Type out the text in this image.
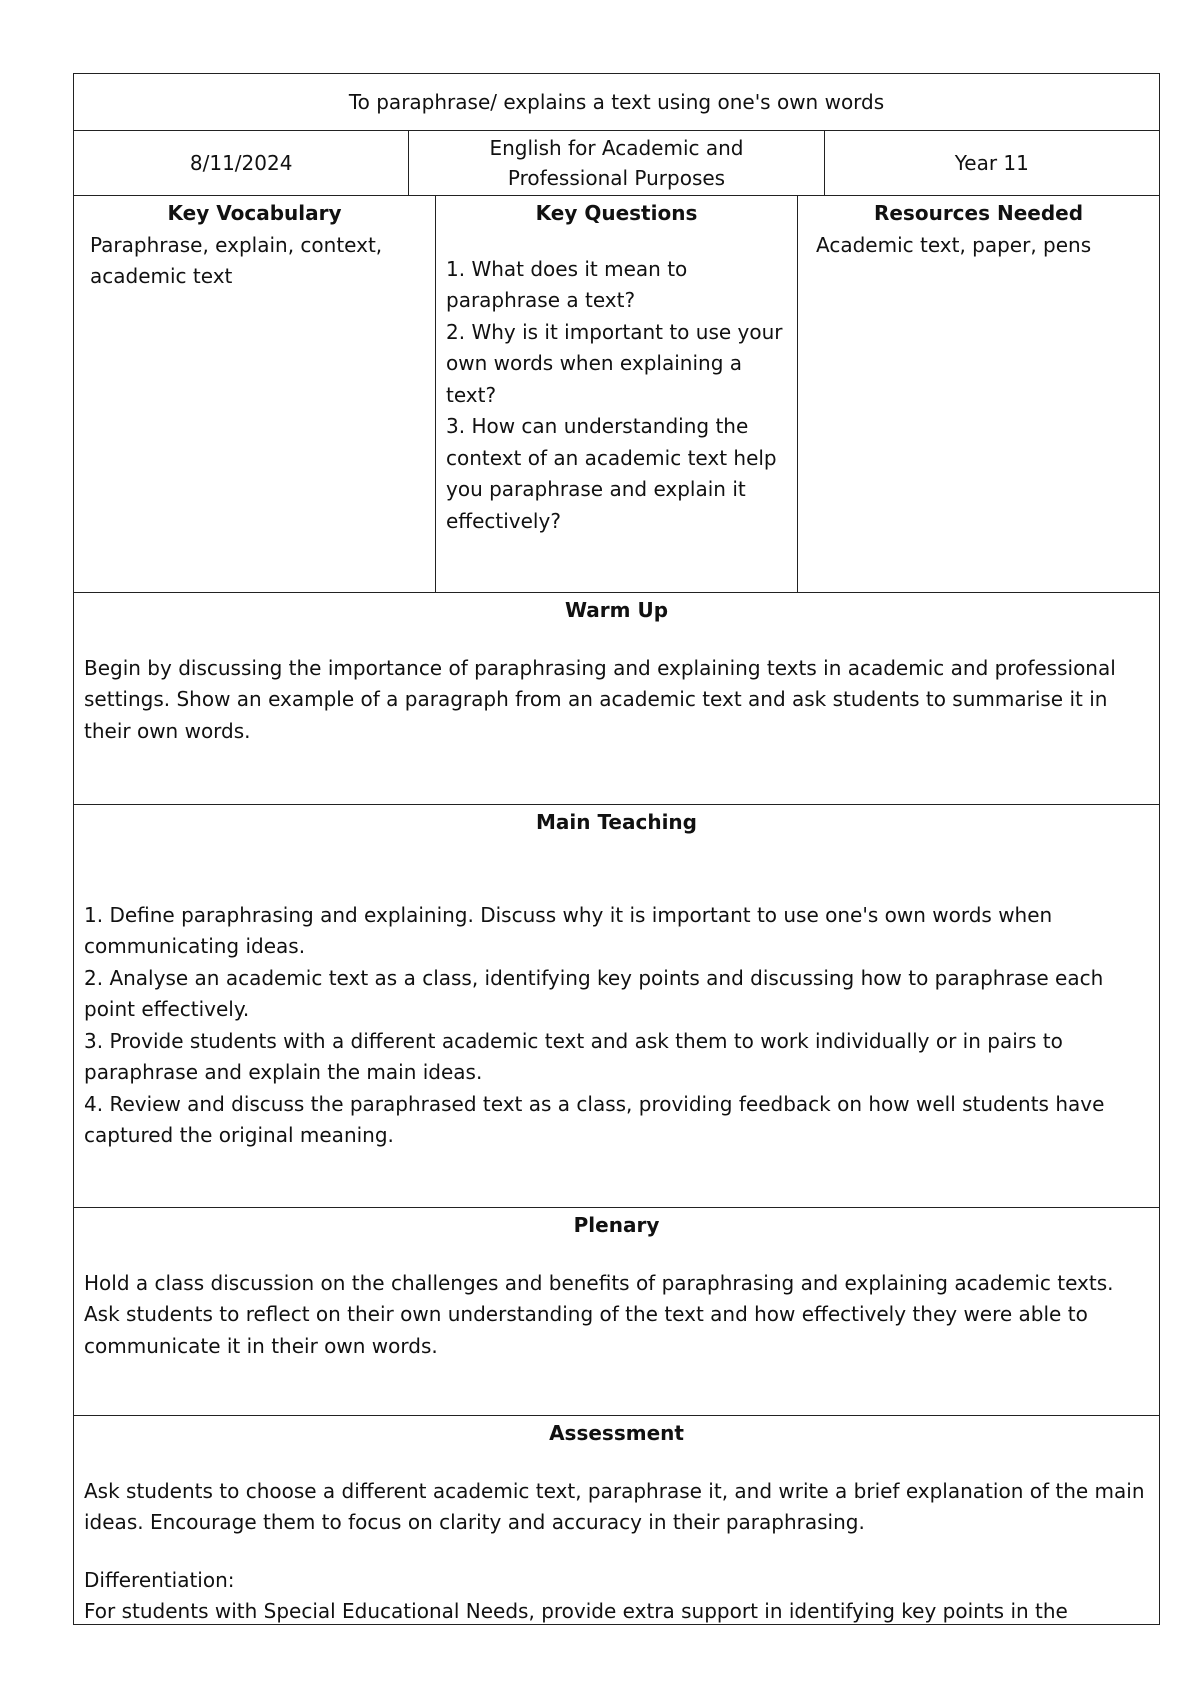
To paraphrase/ explains a text using one's own words
8/11/2024
English for Academic and Professional Purposes
Year 11
Key Vocabulary
Paraphrase, explain, context, academic text
Key Questions
1. What does it mean to paraphrase a text?
2. Why is it important to use your own words when explaining a text?
3. How can understanding the context of an academic text help you paraphrase and explain it effectively?
Resources Needed
Academic text, paper, pens
Warm Up
Begin by discussing the importance of paraphrasing and explaining texts in academic and professional settings. Show an example of a paragraph from an academic text and ask students to summarise it in their own words.
Main Teaching
1. Define paraphrasing and explaining. Discuss why it is important to use one's own words when communicating ideas.
2. Analyse an academic text as a class, identifying key points and discussing how to paraphrase each point effectively.
3. Provide students with a different academic text and ask them to work individually or in pairs to paraphrase and explain the main ideas.
4. Review and discuss the paraphrased text as a class, providing feedback on how well students have captured the original meaning.
Plenary
Hold a class discussion on the challenges and benefits of paraphrasing and explaining academic texts. Ask students to reflect on their own understanding of the text and how effectively they were able to communicate it in their own words.
Assessment
Ask students to choose a different academic text, paraphrase it, and write a brief explanation of the main ideas. Encourage them to focus on clarity and accuracy in their paraphrasing.
Differentiation:
For students with Special Educational Needs, provide extra support in identifying key points in the
